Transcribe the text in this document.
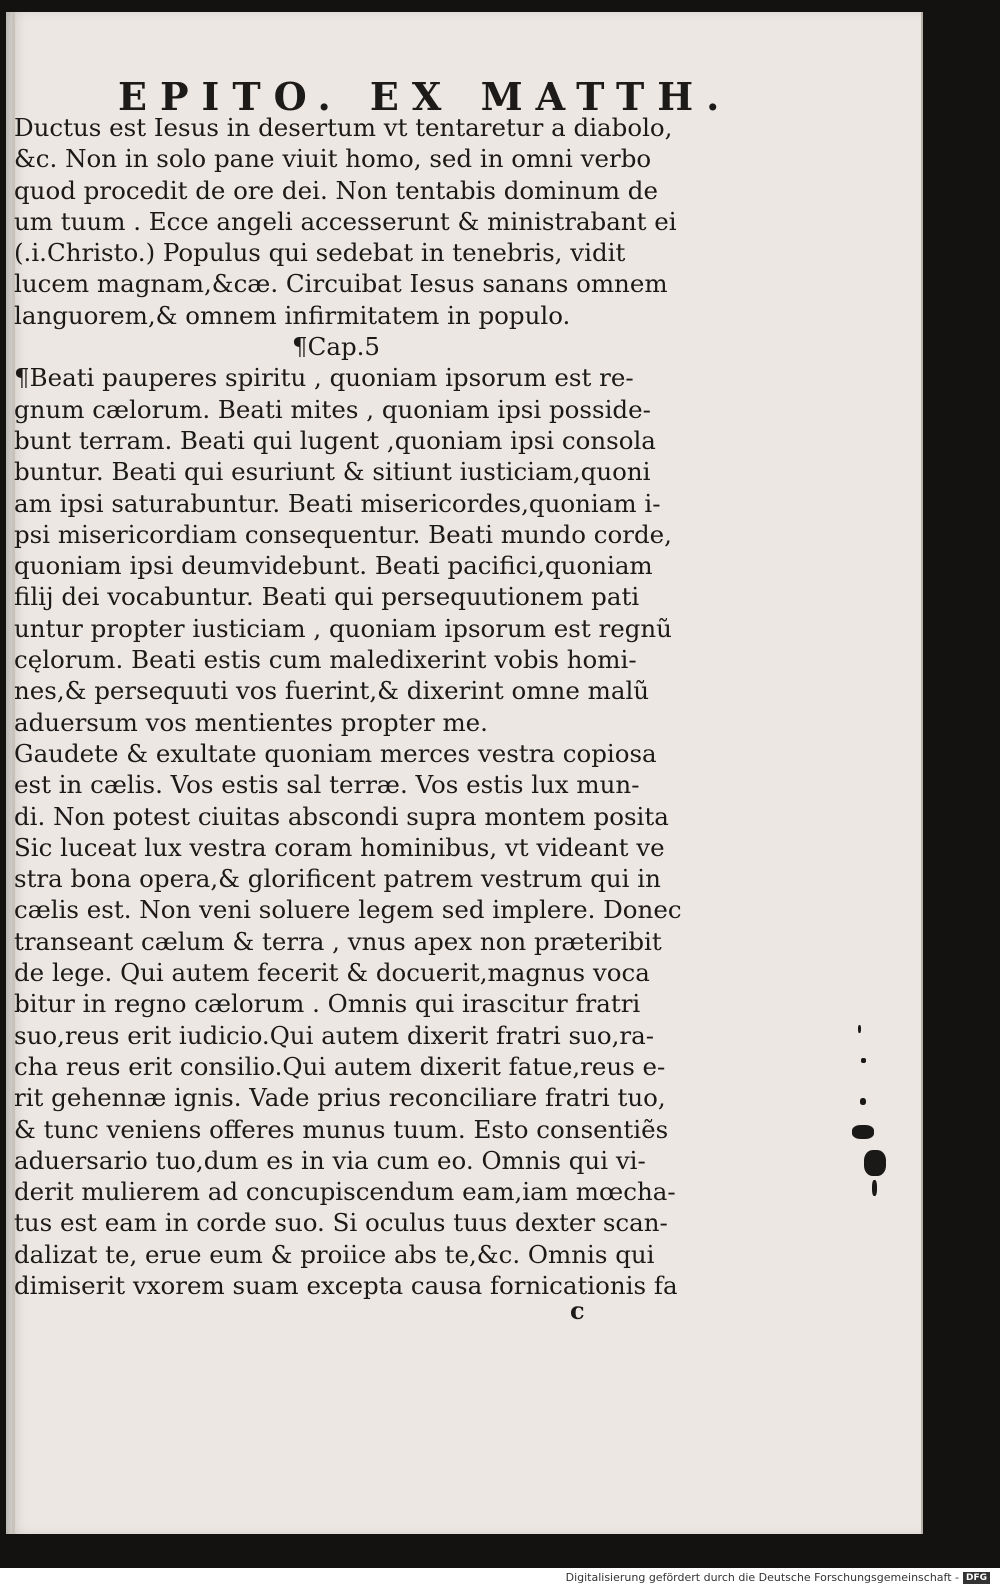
EPITO. EX MATTH.
Ductus est Iesus in desertum vt tentaretur a diabolo,
&c. Non in solo pane viuit homo, sed in omni verbo
quod procedit de ore dei. Non tentabis dominum de
um tuum . Ecce angeli accesserunt & ministrabant ei
(.i.Christo.) Populus qui sedebat in tenebris, vidit
lucem magnam,&cæ. Circuibat Iesus sanans omnem
languorem,& omnem infirmitatem in populo.
¶Cap.5
¶Beati pauperes spiritu , quoniam ipsorum est re-
gnum cælorum. Beati mites , quoniam ipsi posside-
bunt terram. Beati qui lugent ,quoniam ipsi consola
buntur. Beati qui esuriunt & sitiunt iusticiam,quoni
am ipsi saturabuntur. Beati misericordes,quoniam i-
psi misericordiam consequentur. Beati mundo corde,
quoniam ipsi deumvidebunt. Beati pacifici,quoniam
filij dei vocabuntur. Beati qui persequutionem pati
untur propter iusticiam , quoniam ipsorum est regnũ
cęlorum. Beati estis cum maledixerint vobis homi-
nes,& persequuti vos fuerint,& dixerint omne malũ
aduersum vos mentientes propter me.
Gaudete & exultate quoniam merces vestra copiosa
est in cælis. Vos estis sal terræ. Vos estis lux mun-
di. Non potest ciuitas abscondi supra montem posita
Sic luceat lux vestra coram hominibus, vt videant ve
stra bona opera,& glorificent patrem vestrum qui in
cælis est. Non veni soluere legem sed implere. Donec
transeant cælum & terra , vnus apex non præteribit
de lege. Qui autem fecerit & docuerit,magnus voca
bitur in regno cælorum . Omnis qui irascitur fratri
suo,reus erit iudicio.Qui autem dixerit fratri suo,ra-
cha reus erit consilio.Qui autem dixerit fatue,reus e-
rit gehennæ ignis. Vade prius reconciliare fratri tuo,
& tunc veniens offeres munus tuum. Esto consentiẽs
aduersario tuo,dum es in via cum eo. Omnis qui vi-
derit mulierem ad concupiscendum eam,iam mœcha-
tus est eam in corde suo. Si oculus tuus dexter scan-
dalizat te, erue eum & proiice abs te,&c. Omnis qui
dimiserit vxorem suam excepta causa fornicationis fa
c
Digitalisierung gefördert durch die Deutsche Forschungsgemeinschaft - DFG
